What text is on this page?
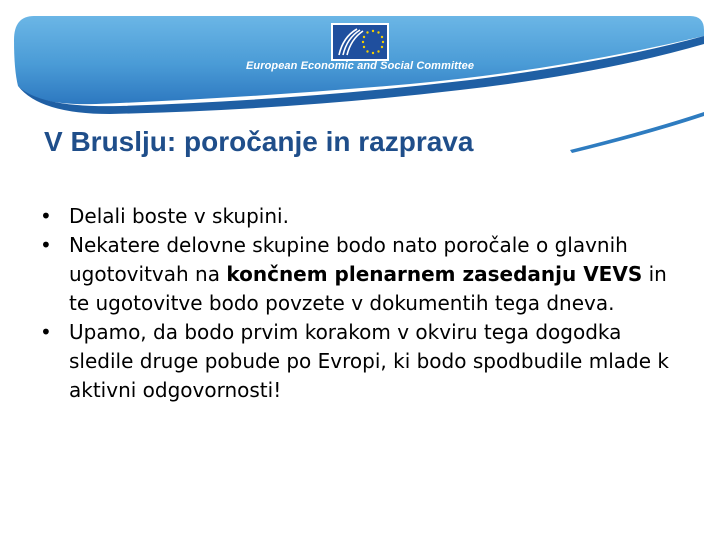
European Economic and Social Committee
V Bruslju: poročanje in razprava
• Delali boste v skupini.
• Nekatere delovne skupine bodo nato poročale o glavnih ugotovitvah na končnem plenarnem zasedanju VEVS in te ugotovitve bodo povzete v dokumentih tega dneva.
• Upamo, da bodo prvim korakom v okviru tega dogodka sledile druge pobude po Evropi, ki bodo spodbudile mlade k aktivni odgovornosti!
